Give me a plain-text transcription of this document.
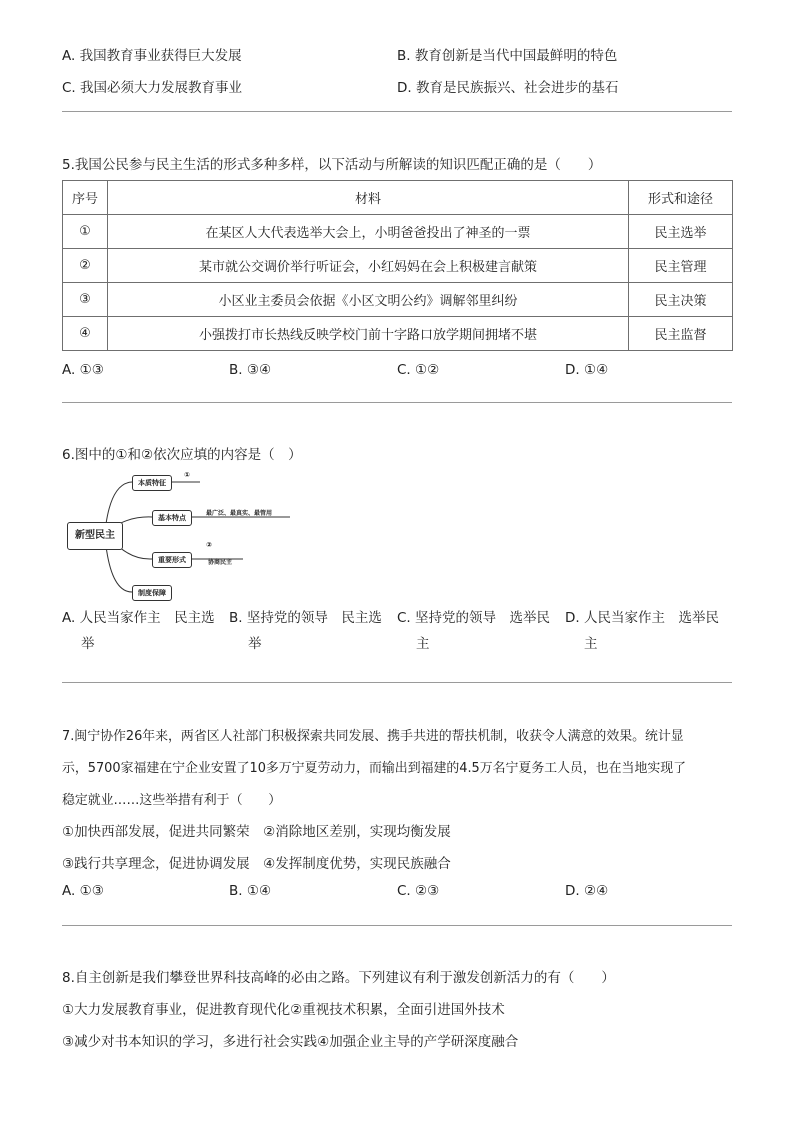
A. 我国教育事业获得巨大发展	B. 教育创新是当代中国最鲜明的特色
C. 我国必须大力发展教育事业	D. 教育是民族振兴、社会进步的基石
5.我国公民参与民主生活的形式多种多样，以下活动与所解读的知识匹配正确的是（　　）
序号	材料	形式和途径
①	在某区人大代表选举大会上，小明爸爸投出了神圣的一票	民主选举
②	某市就公交调价举行听证会，小红妈妈在会上积极建言献策	民主管理
③	小区业主委员会依据《小区文明公约》调解邻里纠纷	民主决策
④	小强拨打市长热线反映学校门前十字路口放学期间拥堵不堪	民主监督
A. ①③	B. ③④	C. ①②	D. ①④
6.图中的①和②依次应填的内容是（　）
新型民主
本质特征
基本特点
重要形式
制度保障
①
最广泛、最真实、最管用
②
协商民主
A. 人民当家作主　民主选
举
B. 坚持党的领导　民主选
举
C. 坚持党的领导　选举民
主
D. 人民当家作主　选举民
主
7.闽宁协作26年来，两省区人社部门积极探索共同发展、携手共进的帮扶机制，收获令人满意的效果。统计显
示，5700家福建在宁企业安置了10多万宁夏劳动力，而输出到福建的4.5万名宁夏务工人员，也在当地实现了
稳定就业……这些举措有利于（　　）
①加快西部发展，促进共同繁荣　②消除地区差别，实现均衡发展
③践行共享理念，促进协调发展　④发挥制度优势，实现民族融合
A. ①③	B. ①④	C. ②③	D. ②④
8.自主创新是我们攀登世界科技高峰的必由之路。下列建议有利于激发创新活力的有（　　）
①大力发展教育事业，促进教育现代化②重视技术积累，全面引进国外技术
③减少对书本知识的学习，多进行社会实践④加强企业主导的产学研深度融合
